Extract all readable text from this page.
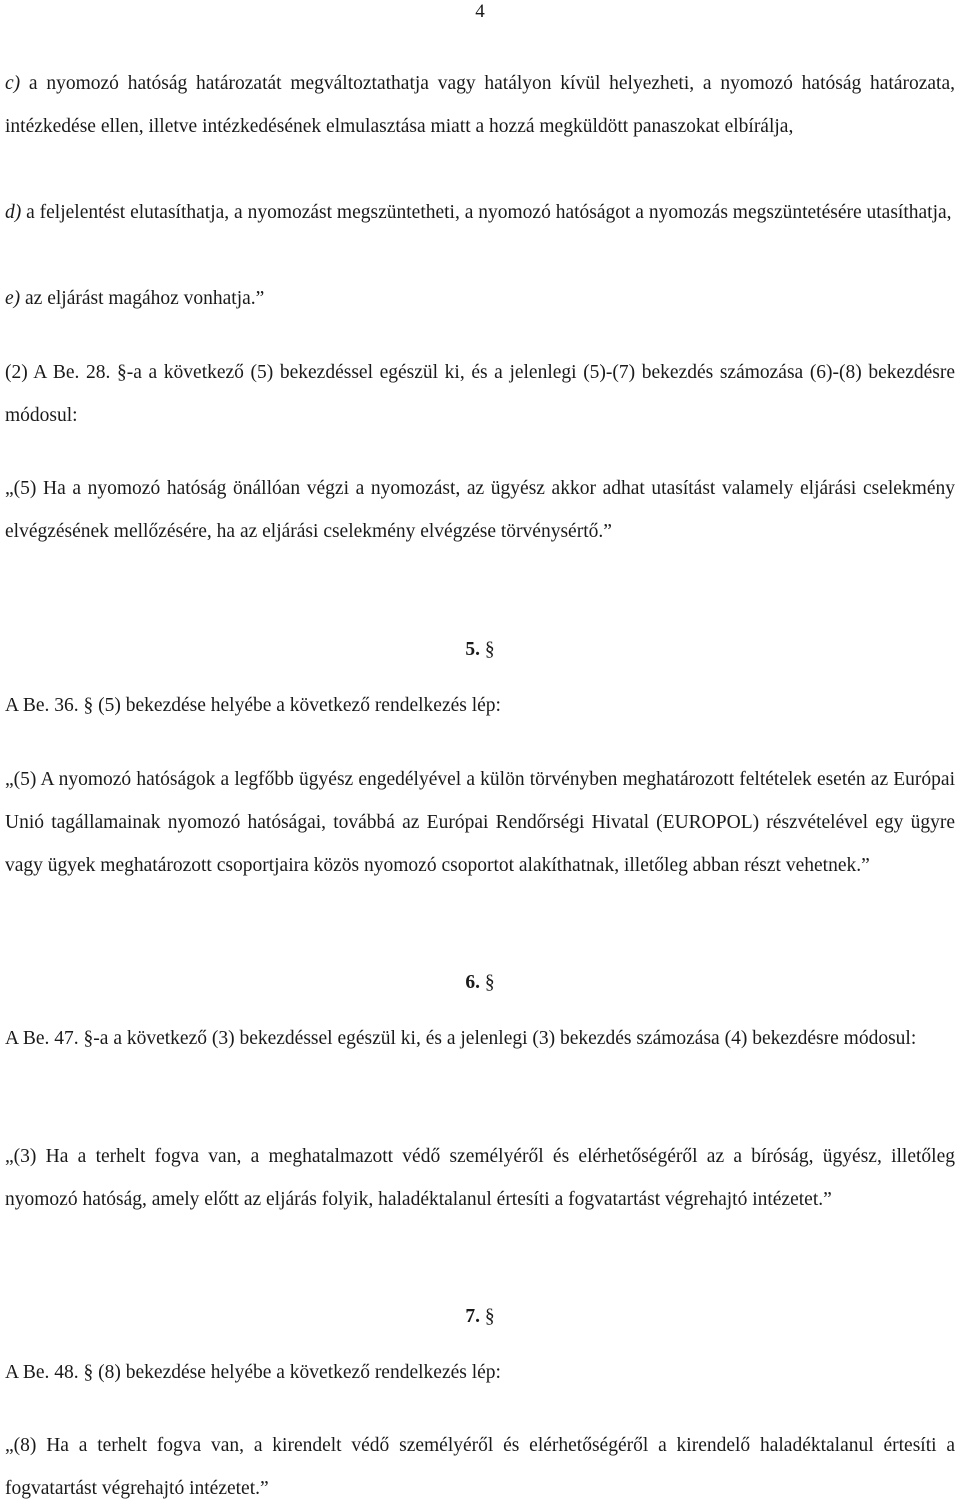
4
c) a nyomozó hatóság határozatát megváltoztathatja vagy hatályon kívül helyezheti, a nyomozó hatóság határozata, intézkedése ellen, illetve intézkedésének elmulasztása miatt a hozzá megküldött panaszokat elbírálja,
d) a feljelentést elutasíthatja, a nyomozást megszüntetheti, a nyomozó hatóságot a nyomozás megszüntetésére utasíthatja,
e) az eljárást magához vonhatja.”
(2) A Be. 28. §-a a következő (5) bekezdéssel egészül ki, és a jelenlegi (5)-(7) bekezdés számozása (6)-(8) bekezdésre módosul:
„(5) Ha a nyomozó hatóság önállóan végzi a nyomozást, az ügyész akkor adhat utasítást valamely eljárási cselekmény elvégzésének mellőzésére, ha az eljárási cselekmény elvégzése törvénysértő.”
5. §
A Be. 36. § (5) bekezdése helyébe a következő rendelkezés lép:
„(5) A nyomozó hatóságok a legfőbb ügyész engedélyével a külön törvényben meghatározott feltételek esetén az Európai Unió tagállamainak nyomozó hatóságai, továbbá az Európai Rendőrségi Hivatal (EUROPOL) részvételével egy ügyre vagy ügyek meghatározott csoportjaira közös nyomozó csoportot alakíthatnak, illetőleg abban részt vehetnek.”
6. §
A Be. 47. §-a a következő (3) bekezdéssel egészül ki, és a jelenlegi (3) bekezdés számozása (4) bekezdésre módosul:
„(3) Ha a terhelt fogva van, a meghatalmazott védő személyéről és elérhetőségéről az a bíróság, ügyész, illetőleg nyomozó hatóság, amely előtt az eljárás folyik, haladéktalanul értesíti a fogvatartást végrehajtó intézetet.”
7. §
A Be. 48. § (8) bekezdése helyébe a következő rendelkezés lép:
„(8) Ha a terhelt fogva van, a kirendelt védő személyéről és elérhetőségéről a kirendelő haladéktalanul értesíti a fogvatartást végrehajtó intézetet.”
